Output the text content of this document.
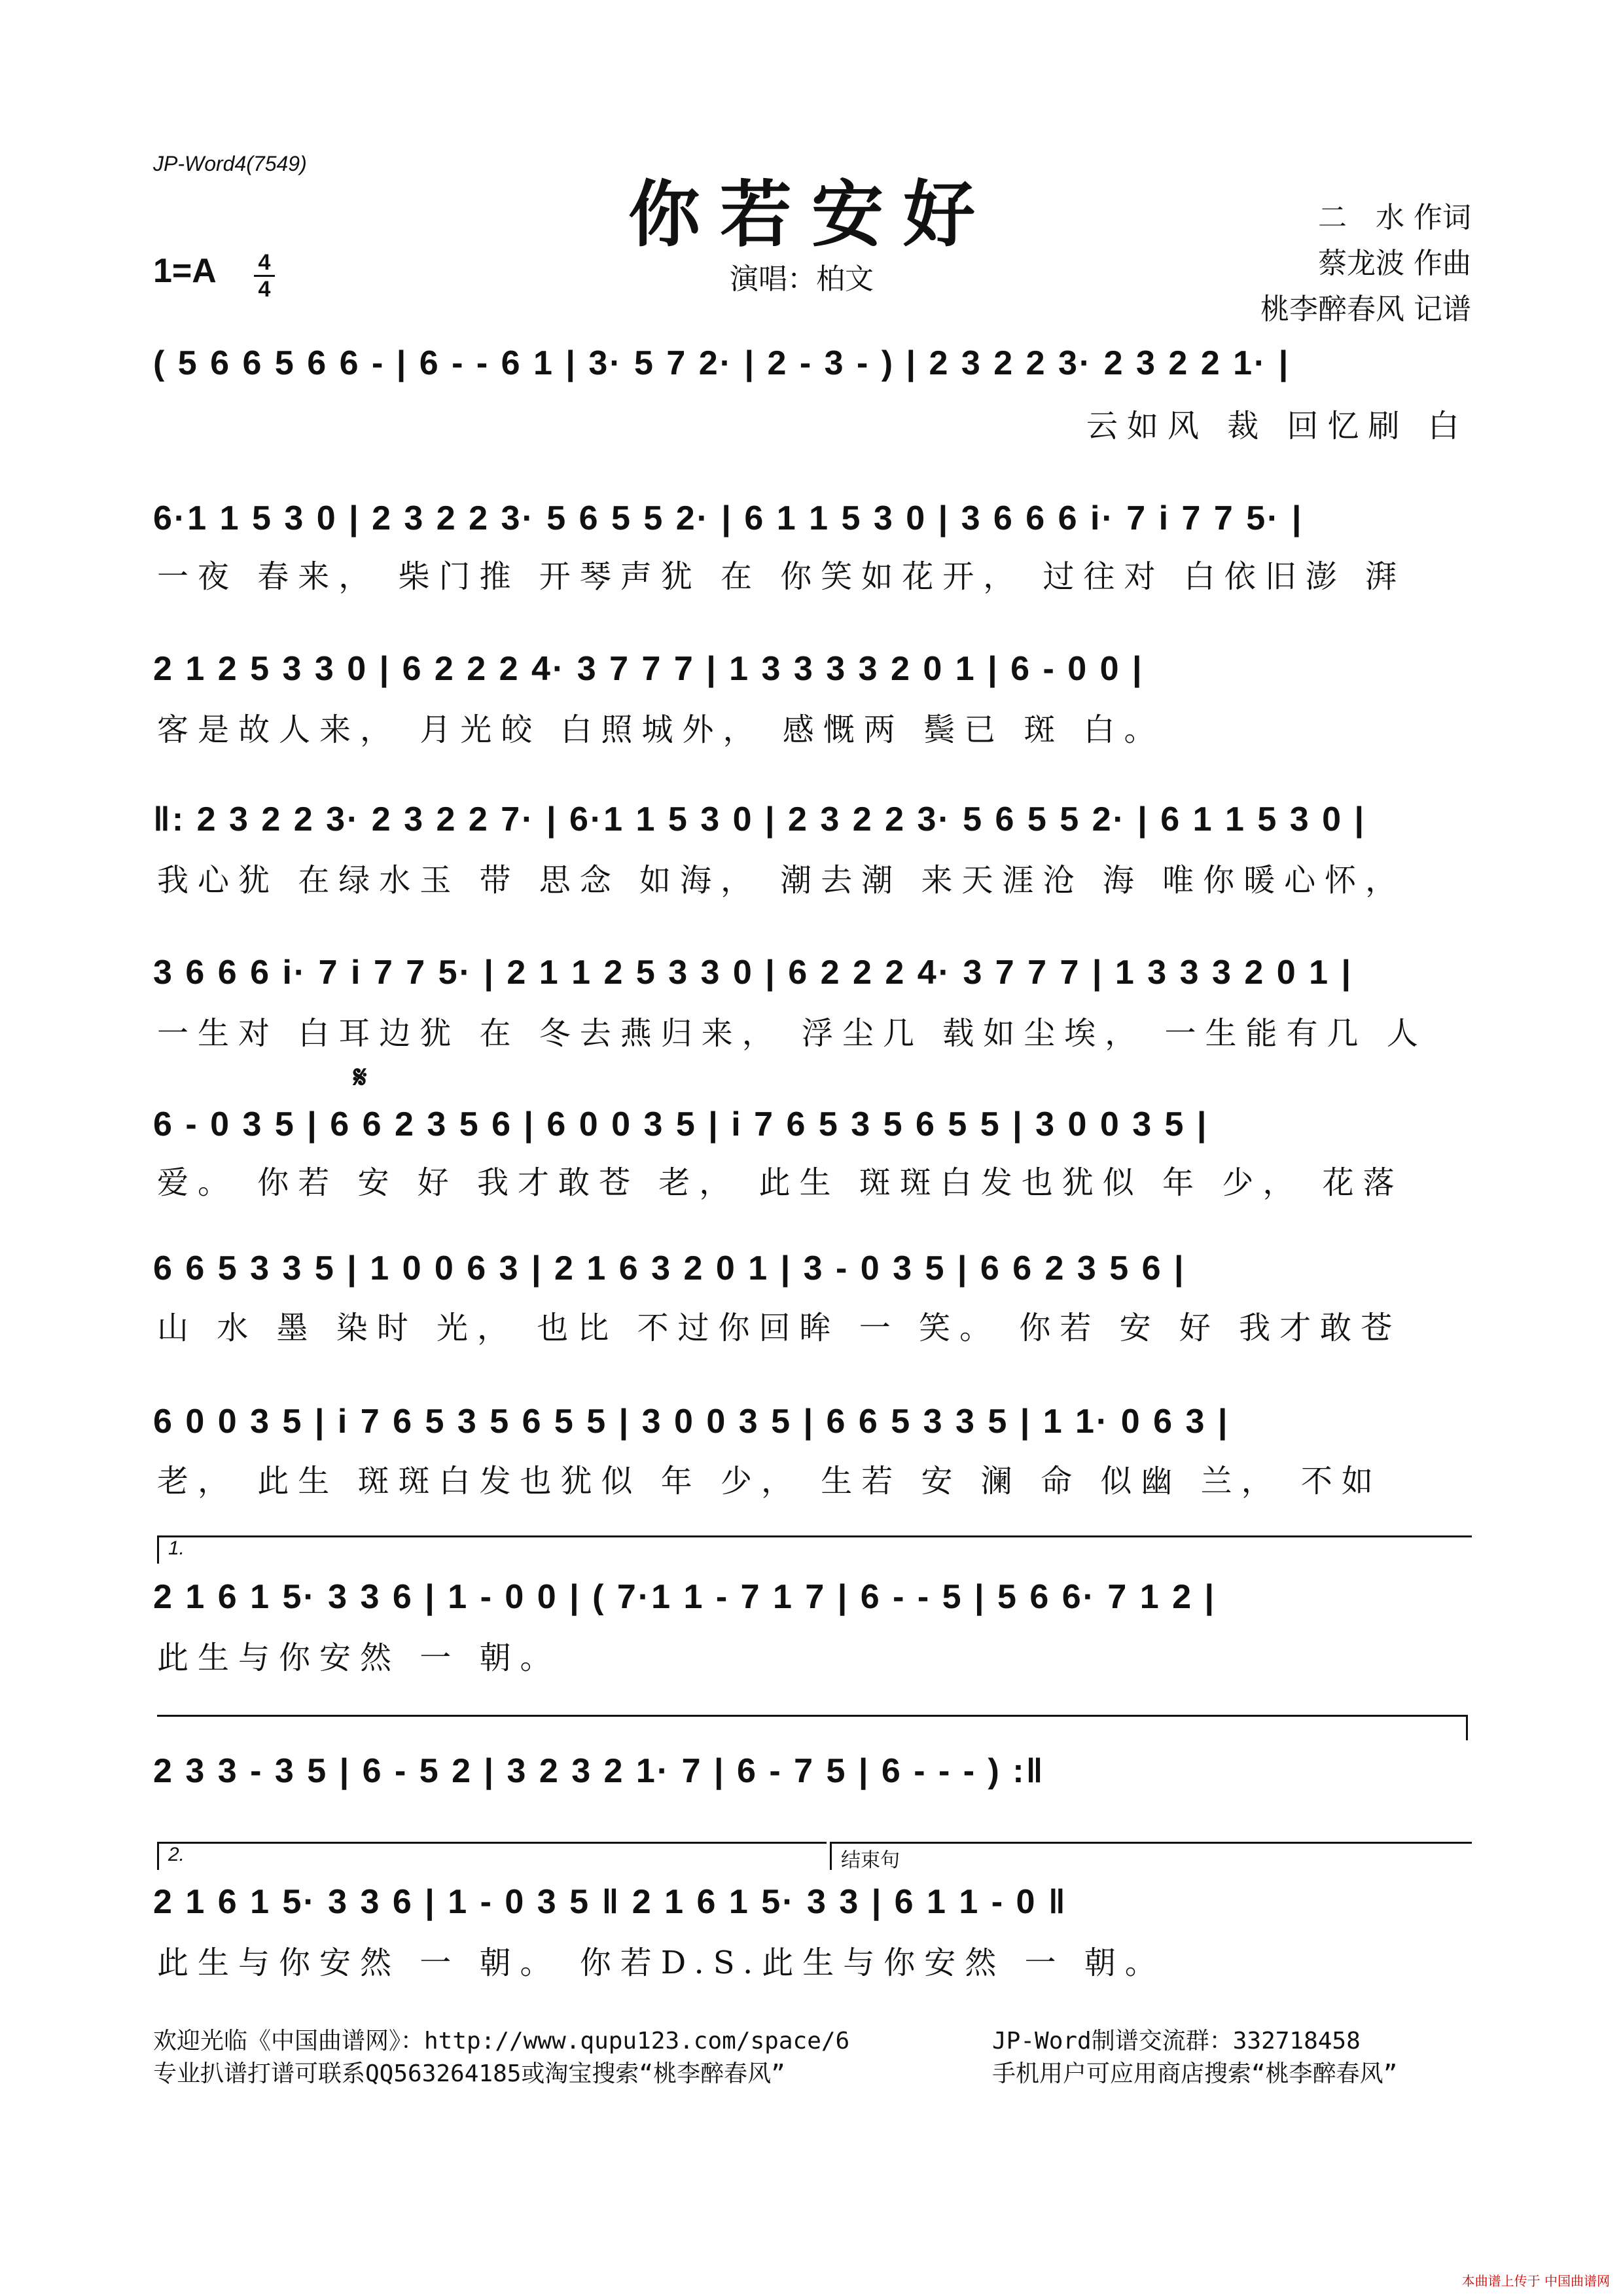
JP-Word4(7549)
你若安好	二　水 作词
蔡龙波 作曲
桃李醉春风 记谱
1=A 4
4	演唱：柏文
( 5 6 6 5 6 6 - | 6 - - 6 1 | 3· 5 7 2· | 2 - 3 - ) | 2 3 2 2 3· 2 3 2 2 1· |
云如风 裁 回忆刷 白
6·1 1 5 3 0 | 2 3 2 2 3· 5 6 5 5 2· | 6 1 1 5 3 0 | 3 6 6 6 i· 7 i 7 7 5· |
一夜 春来， 柴门推 开琴声犹 在 你笑如花开， 过往对 白依旧澎 湃
2 1 2 5 3 3 0 | 6 2 2 2 4· 3 7 7 7 | 1 3 3 3 3 2 0 1 | 6 - 0 0 |
客是故人来， 月光皎 白照城外， 感慨两 鬓已 斑 白。
‖: 2 3 2 2 3· 2 3 2 2 7· | 6·1 1 5 3 0 | 2 3 2 2 3· 5 6 5 5 2· | 6 1 1 5 3 0 |
我心犹 在绿水玉 带 思念 如海， 潮去潮 来天涯沧 海 唯你暖心怀，
3 6 6 6 i· 7 i 7 7 5· | 2 1 1 2 5 3 3 0 | 6 2 2 2 4· 3 7 7 7 | 1 3 3 3 2 0 1 |
一生对 白耳边犹 在 冬去燕归来， 浮尘几 载如尘埃， 一生能有几 人
𝄋
6 - 0 3 5 | 6 6 2 3 5 6 | 6 0 0 3 5 | i 7 6 5 3 5 6 5 5 | 3 0 0 3 5 |
爱。 你若 安 好 我才敢苍 老， 此生 斑斑白发也犹似 年 少， 花落
6 6 5 3 3 5 | 1 0 0 6 3 | 2 1 6 3 2 0 1 | 3 - 0 3 5 | 6 6 2 3 5 6 |
山 水 墨 染时 光， 也比 不过你回眸 一 笑。 你若 安 好 我才敢苍
6 0 0 3 5 | i 7 6 5 3 5 6 5 5 | 3 0 0 3 5 | 6 6 5 3 3 5 | 1 1· 0 6 3 |
老， 此生 斑斑白发也犹似 年 少， 生若 安 澜 命 似幽 兰， 不如
1.
2 1 6 1 5· 3 3 6 | 1 - 0 0 | ( 7·1 1 - 7 1 7 | 6 - - 5 | 5 6 6· 7 1 2 |
此生与你安然 一 朝。
2 3 3 - 3 5 | 6 - 5 2 | 3 2 3 2 1· 7 | 6 - 7 5 | 6 - - - ) :‖
2.	结束句
2 1 6 1 5· 3 3 6 | 1 - 0 3 5 ‖ 2 1 6 1 5· 3 3 | 6 1 1 - 0 ‖
此生与你安然 一 朝。 你若D.S.此生与你安然 一 朝。
欢迎光临《中国曲谱网》：http://www.qupu123.com/space/6	JP-Word制谱交流群：332718458
专业扒谱打谱可联系QQ563264185或淘宝搜索“桃李醉春风”	手机用户可应用商店搜索“桃李醉春风”
本曲谱上传于 中国曲谱网
